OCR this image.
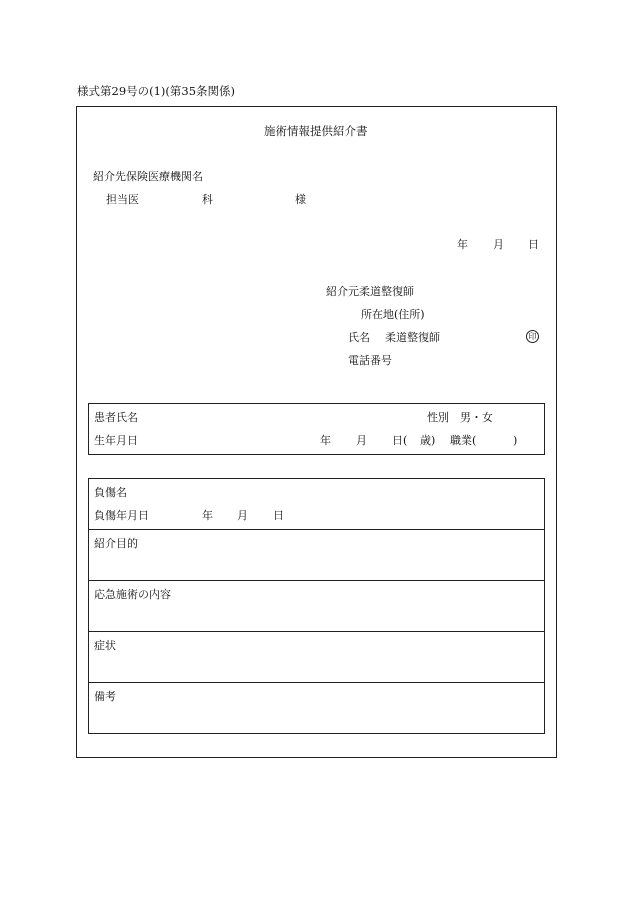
様式第29号の(1)(第35条関係)
施術情報提供紹介書
紹介先保険医療機関名
担当医	科	様
年 月 日
紹介元柔道整復師
所在地(住所)
氏名 柔道整復師	印
電話番号
患者氏名	性別 男・女
生年月日	年 月 日( 歳) 職業(	)
負傷名
負傷年月日	年 月 日
紹介目的
応急施術の内容
症状
備考
